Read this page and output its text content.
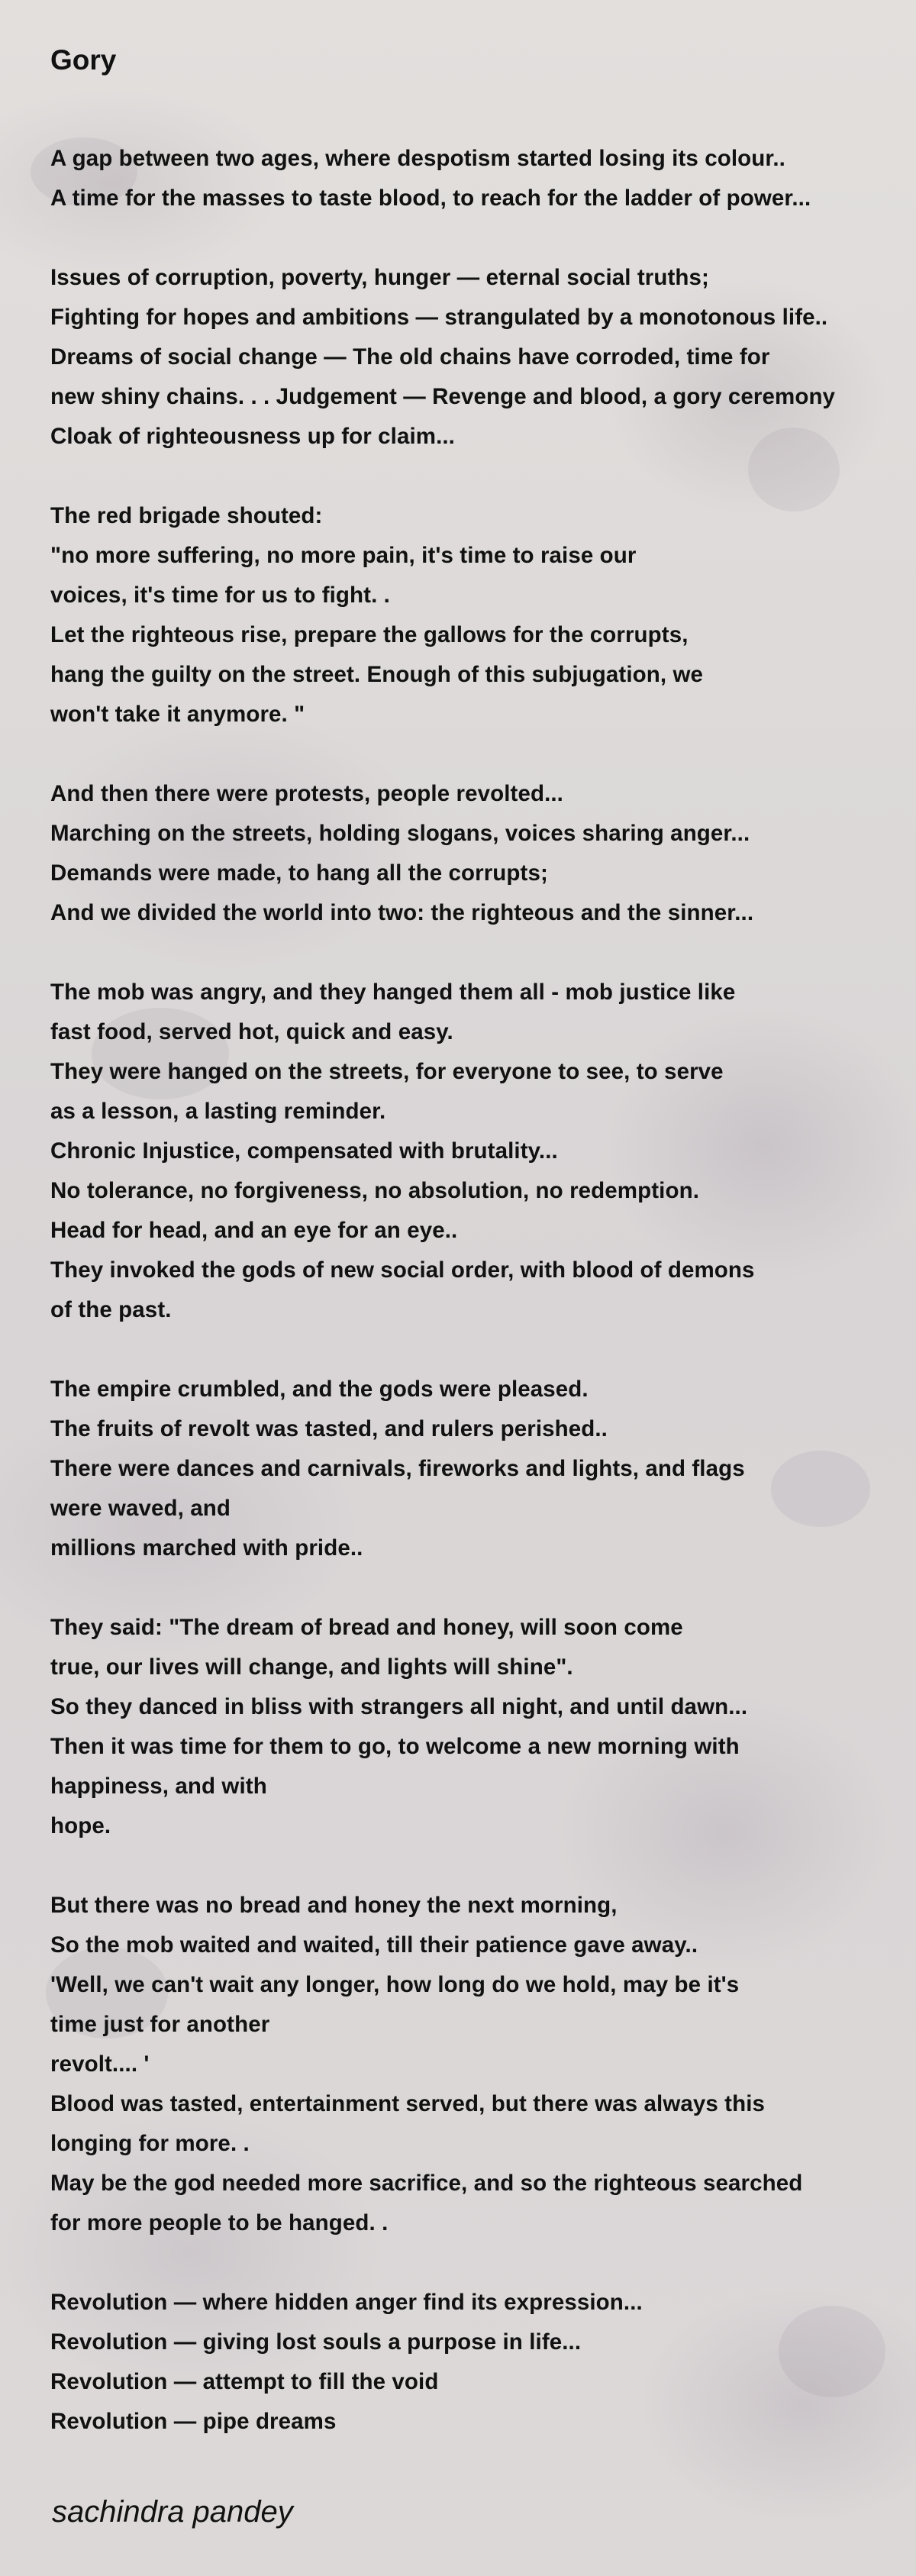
Gory
A gap between two ages, where despotism started losing its colour..
A time for the masses to taste blood, to reach for the ladder of power...

Issues of corruption, poverty, hunger — eternal social truths;
Fighting for hopes and ambitions — strangulated by a monotonous life..
Dreams of social change — The old chains have corroded, time for
new shiny chains. . . Judgement — Revenge and blood, a gory ceremony
Cloak of righteousness up for claim...

The red brigade shouted:
"no more suffering, no more pain, it's time to raise our
voices, it's time for us to fight. .
Let the righteous rise, prepare the gallows for the corrupts,
hang the guilty on the street. Enough of this subjugation, we
won't take it anymore. "

And then there were protests, people revolted...
Marching on the streets, holding slogans, voices sharing anger...
Demands were made, to hang all the corrupts;
And we divided the world into two: the righteous and the sinner...

The mob was angry, and they hanged them all - mob justice like
fast food, served hot, quick and easy.
They were hanged on the streets, for everyone to see, to serve
as a lesson, a lasting reminder.
Chronic Injustice, compensated with brutality...
No tolerance, no forgiveness, no absolution, no redemption.
Head for head, and an eye for an eye..
They invoked the gods of new social order, with blood of demons
of the past.

The empire crumbled, and the gods were pleased.
The fruits of revolt was tasted, and rulers perished..
There were dances and carnivals, fireworks and lights, and flags
were waved, and
millions marched with pride..

They said: "The dream of bread and honey, will soon come
true, our lives will change, and lights will shine".
So they danced in bliss with strangers all night, and until dawn...
Then it was time for them to go, to welcome a new morning with
happiness, and with
hope.

But there was no bread and honey the next morning,
So the mob waited and waited, till their patience gave away..
'Well, we can't wait any longer, how long do we hold, may be it's
time just for another
revolt.... '
Blood was tasted, entertainment served, but there was always this
longing for more. .
May be the god needed more sacrifice, and so the righteous searched
for more people to be hanged. .

Revolution — where hidden anger find its expression...
Revolution — giving lost souls a purpose in life...
Revolution — attempt to fill the void
Revolution — pipe dreams
sachindra pandey
